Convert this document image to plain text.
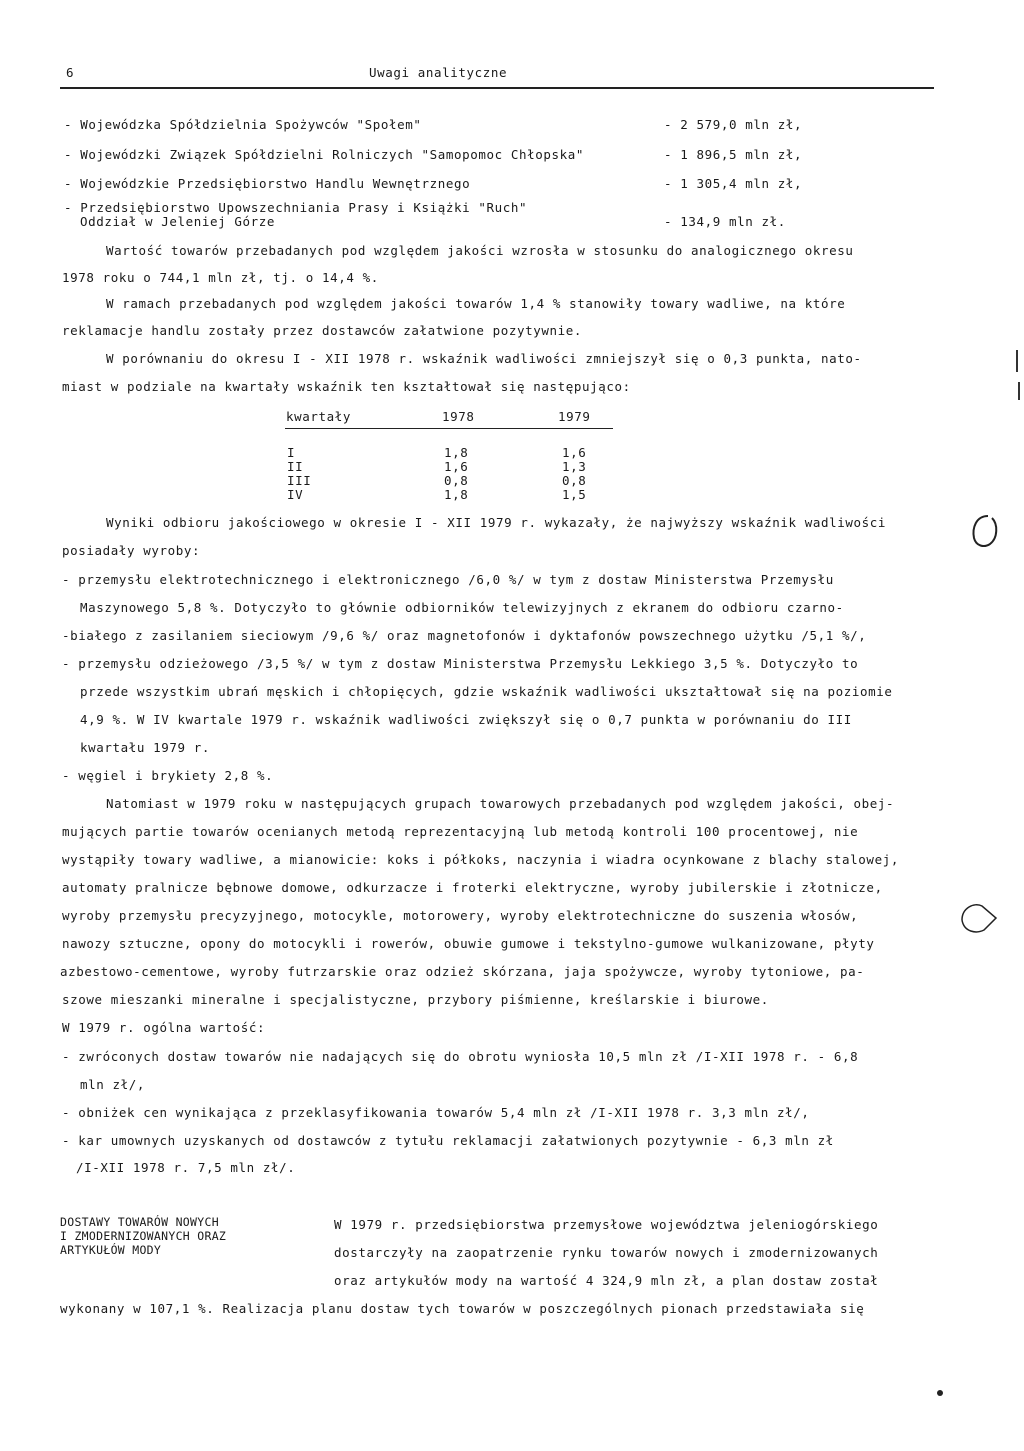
6	Uwagi analityczne
- Wojewódzka Spółdzielnia Spożywców "Społem"	- 2 579,0 mln zł,
- Wojewódzki Związek Spółdzielni Rolniczych "Samopomoc Chłopska"	- 1 896,5 mln zł,
- Wojewódzkie Przedsiębiorstwo Handlu Wewnętrznego	- 1 305,4 mln zł,
- Przedsiębiorstwo Upowszechniania Prasy i Książki "Ruch"
Oddział w Jeleniej Górze	- 134,9 mln zł.
Wartość towarów przebadanych pod względem jakości wzrosła w stosunku do analogicznego okresu
1978 roku o 744,1 mln zł, tj. o 14,4 %.
W ramach przebadanych pod względem jakości towarów 1,4 % stanowiły towary wadliwe, na które
reklamacje handlu zostały przez dostawców załatwione pozytywnie.
W porównaniu do okresu I - XII 1978 r. wskaźnik wadliwości zmniejszył się o 0,3 punkta, nato-
miast w podziale na kwartały wskaźnik ten kształtował się następująco:
kwartały	1978	1979
I	1,8	1,6
II	1,6	1,3
III	0,8	0,8
IV	1,8	1,5
Wyniki odbioru jakościowego w okresie I - XII 1979 r. wykazały, że najwyższy wskaźnik wadliwości
posiadały wyroby:
- przemysłu elektrotechnicznego i elektronicznego /6,0 %/ w tym z dostaw Ministerstwa Przemysłu
Maszynowego 5,8 %. Dotyczyło to głównie odbiorników telewizyjnych z ekranem do odbioru czarno-
-białego z zasilaniem sieciowym /9,6 %/ oraz magnetofonów i dyktafonów powszechnego użytku /5,1 %/,
- przemysłu odzieżowego /3,5 %/ w tym z dostaw Ministerstwa Przemysłu Lekkiego 3,5 %. Dotyczyło to
przede wszystkim ubrań męskich i chłopięcych, gdzie wskaźnik wadliwości ukształtował się na poziomie
4,9 %. W IV kwartale 1979 r. wskaźnik wadliwości zwiększył się o 0,7 punkta w porównaniu do III
kwartału 1979 r.
- węgiel i brykiety 2,8 %.
Natomiast w 1979 roku w następujących grupach towarowych przebadanych pod względem jakości, obej-
mujących partie towarów ocenianych metodą reprezentacyjną lub metodą kontroli 100 procentowej, nie
wystąpiły towary wadliwe, a mianowicie: koks i półkoks, naczynia i wiadra ocynkowane z blachy stalowej,
automaty pralnicze bębnowe domowe, odkurzacze i froterki elektryczne, wyroby jubilerskie i złotnicze,
wyroby przemysłu precyzyjnego, motocykle, motorowery, wyroby elektrotechniczne do suszenia włosów,
nawozy sztuczne, opony do motocykli i rowerów, obuwie gumowe i tekstylno-gumowe wulkanizowane, płyty
azbestowo-cementowe, wyroby futrzarskie oraz odzież skórzana, jaja spożywcze, wyroby tytoniowe, pa-
szowe mieszanki mineralne i specjalistyczne, przybory piśmienne, kreślarskie i biurowe.
W 1979 r. ogólna wartość:
- zwróconych dostaw towarów nie nadających się do obrotu wyniosła 10,5 mln zł /I-XII 1978 r. - 6,8
mln zł/,
- obniżek cen wynikająca z przeklasyfikowania towarów 5,4 mln zł /I-XII 1978 r. 3,3 mln zł/,
- kar umownych uzyskanych od dostawców z tytułu reklamacji załatwionych pozytywnie - 6,3 mln zł
/I-XII 1978 r. 7,5 mln zł/.
DOSTAWY TOWARÓW NOWYCH
I ZMODERNIZOWANYCH ORAZ
ARTYKUŁÓW MODY
W 1979 r. przedsiębiorstwa przemysłowe województwa jeleniogórskiego
dostarczyły na zaopatrzenie rynku towarów nowych i zmodernizowanych
oraz artykułów mody na wartość 4 324,9 mln zł, a plan dostaw został
wykonany w 107,1 %. Realizacja planu dostaw tych towarów w poszczególnych pionach przedstawiała się
